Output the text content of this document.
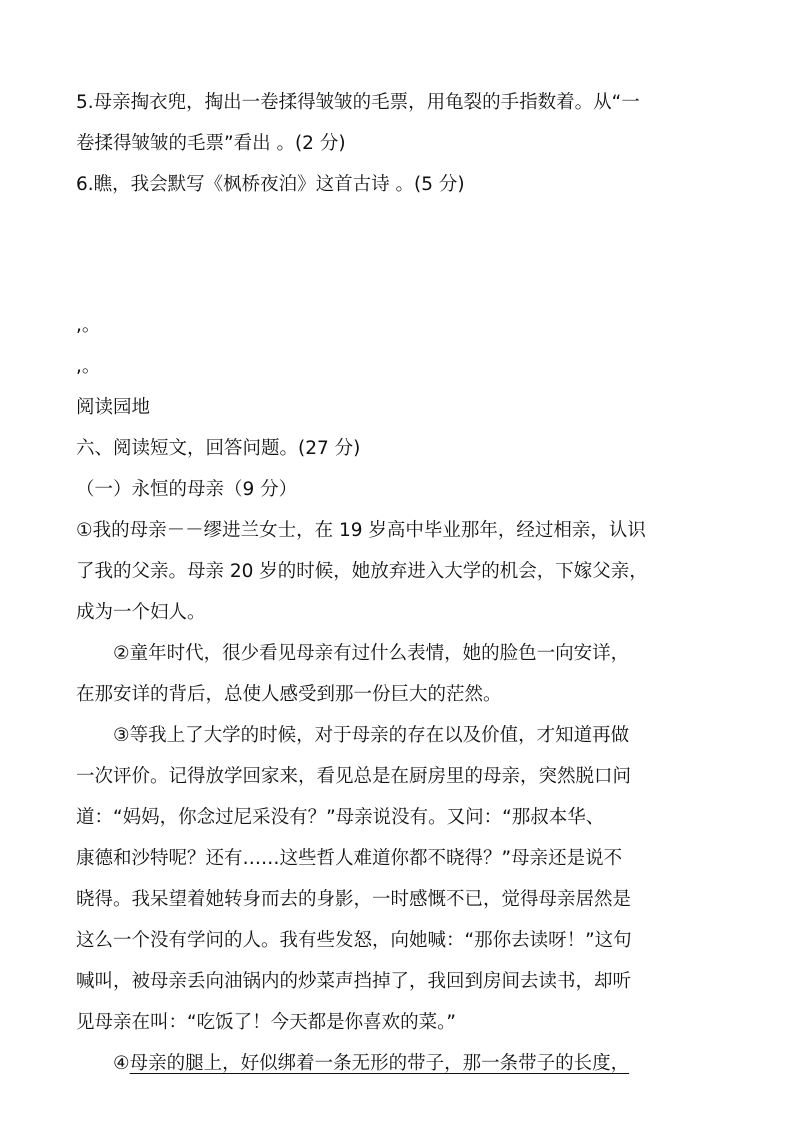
5.母亲掏衣兜，掏出一卷揉得皱皱的毛票，用龟裂的手指数着。从“一
卷揉得皱皱的毛票”看出 。(2 分)
6.瞧，我会默写《枫桥夜泊》这首古诗 。(5 分)
,。
,。
阅读园地
六、阅读短文，回答问题。(27 分)
（一）永恒的母亲（9 分）
①我的母亲－－缪进兰女士，在 19 岁高中毕业那年，经过相亲，认识
了我的父亲。母亲 20 岁的时候，她放弃进入大学的机会，下嫁父亲，
成为一个妇人。
②童年时代，很少看见母亲有过什么表情，她的脸色一向安详，
在那安详的背后，总使人感受到那一份巨大的茫然。
③等我上了大学的时候，对于母亲的存在以及价值，才知道再做
一次评价。记得放学回家来，看见总是在厨房里的母亲，突然脱口问
道：“妈妈，你念过尼采没有？”母亲说没有。又问：“那叔本华、
康德和沙特呢？还有……这些哲人难道你都不晓得？”母亲还是说不
晓得。我呆望着她转身而去的身影，一时感慨不已，觉得母亲居然是
这么一个没有学问的人。我有些发怒，向她喊：“那你去读呀！”这句
喊叫，被母亲丢向油锅内的炒菜声挡掉了，我回到房间去读书，却听
见母亲在叫：“吃饭了！今天都是你喜欢的菜。”
④母亲的腿上，好似绑着一条无形的带子，那一条带子的长度，
